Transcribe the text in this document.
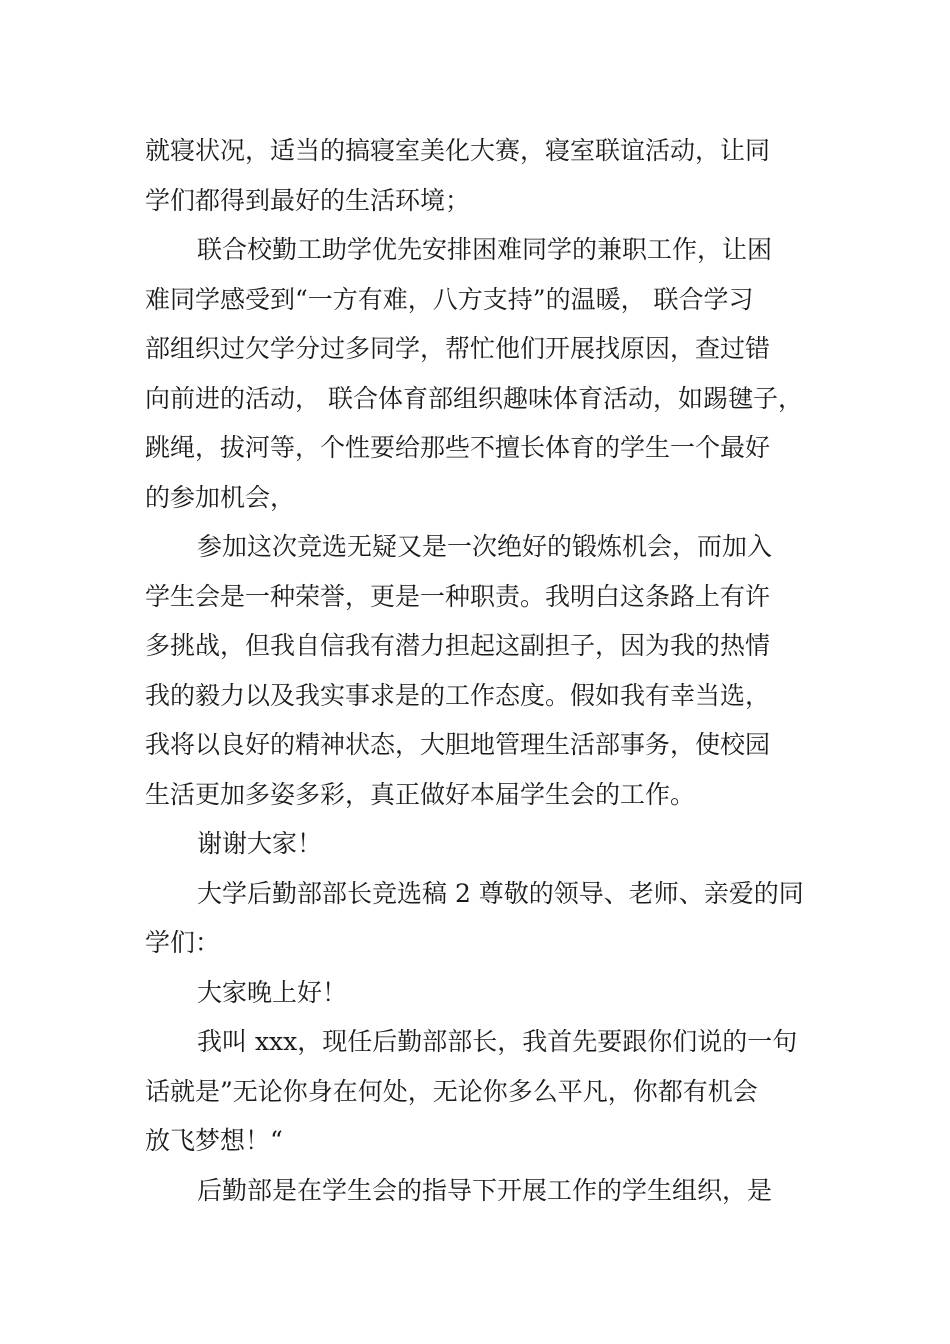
就寝状况，适当的搞寝室美化大赛，寝室联谊活动，让同
学们都得到最好的生活环境；
联合校勤工助学优先安排困难同学的兼职工作，让困
难同学感受到“一方有难，八方支持”的温暖， 联合学习
部组织过欠学分过多同学，帮忙他们开展找原因，查过错
向前进的活动， 联合体育部组织趣味体育活动，如踢毽子，
跳绳，拔河等，个性要给那些不擅长体育的学生一个最好
的参加机会，
参加这次竞选无疑又是一次绝好的锻炼机会，而加入
学生会是一种荣誉，更是一种职责。我明白这条路上有许
多挑战，但我自信我有潜力担起这副担子，因为我的热情
我的毅力以及我实事求是的工作态度。假如我有幸当选，
我将以良好的精神状态，大胆地管理生活部事务，使校园
生活更加多姿多彩，真正做好本届学生会的工作。
谢谢大家！
大学后勤部部长竞选稿 2 尊敬的领导、老师、亲爱的同
学们：
大家晚上好！
我叫 xxx，现任后勤部部长，我首先要跟你们说的一句
话就是”无论你身在何处，无论你多么平凡，你都有机会
放飞梦想！“
后勤部是在学生会的指导下开展工作的学生组织，是
